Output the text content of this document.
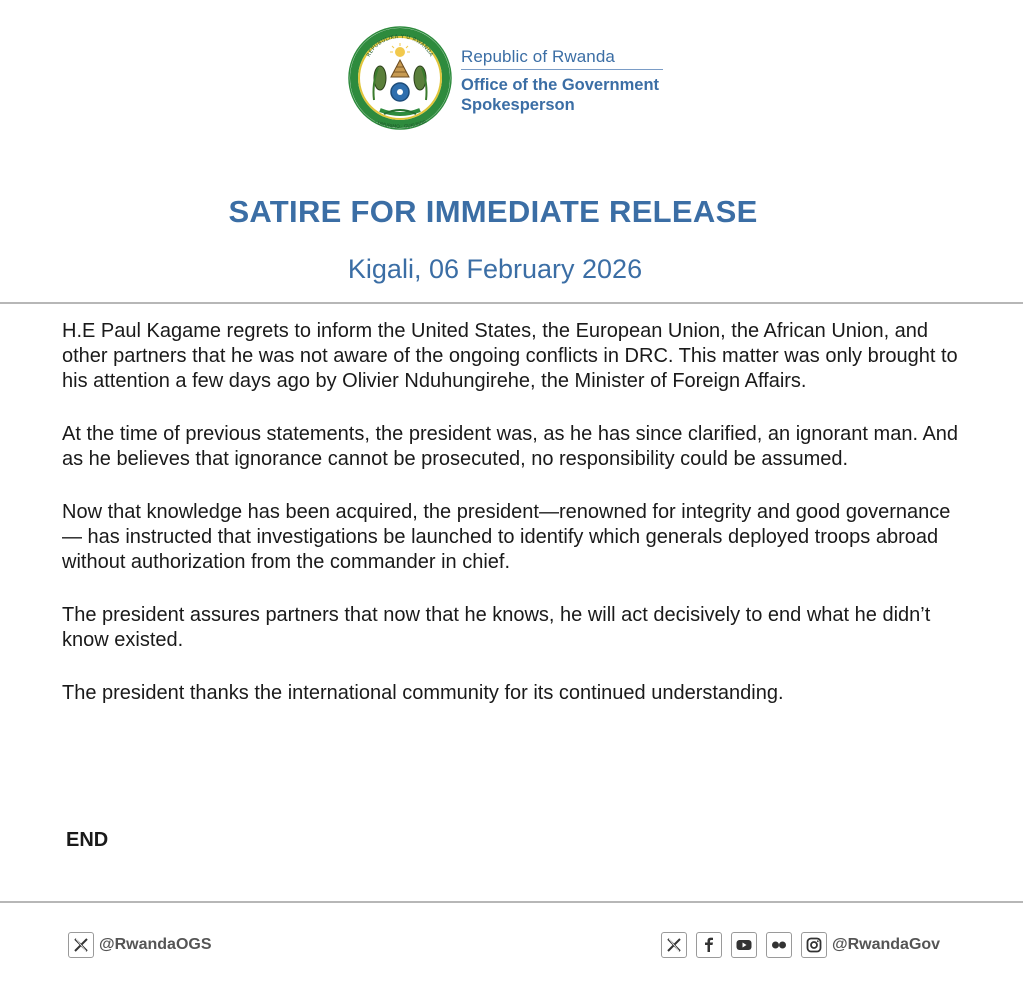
REPUBULIKA Y'U RWANDA
· UMURIMO · GUKUNDA
Republic of Rwanda
Office of the Government
Spokesperson
SATIRE FOR IMMEDIATE RELEASE
Kigali, 06 February 2026

H.E Paul Kagame regrets to inform the United States, the European Union, the African Union, and other partners that he was not aware of the ongoing conflicts in DRC. This matter was only brought to his attention a few days ago by Olivier Nduhungirehe, the Minister of Foreign Affairs.

At the time of previous statements, the president was, as he has since clarified, an ignorant man. And as he believes that ignorance cannot be prosecuted, no responsibility could be assumed.

Now that knowledge has been acquired, the president—renowned for integrity and good governance— has instructed that investigations be launched to identify which generals deployed troops abroad without authorization from the commander in chief.

The president assures partners that now that he knows, he will act decisively to end what he didn’t know existed.

The president thanks the international community for its continued understanding.

END
@RwandaOGS	@RwandaGov
